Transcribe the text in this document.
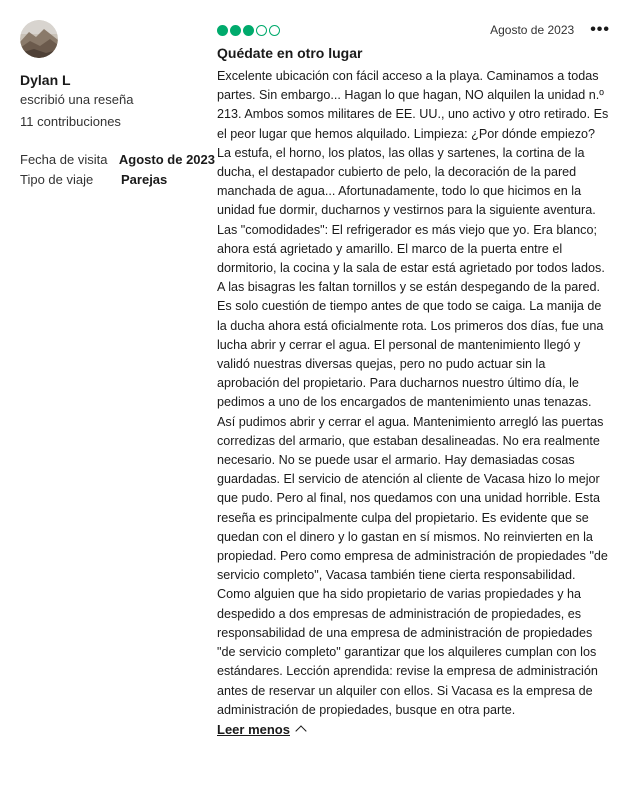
Dylan L
escribió una reseña
11 contribuciones
Fecha de visita Agosto de 2023
Tipo de viaje	Parejas
Agosto de 2023 •••
Quédate en otro lugar
Excelente ubicación con fácil acceso a la playa. Caminamos a todas partes. Sin embargo... Hagan lo que hagan, NO alquilen la unidad n.º 213. Ambos somos militares de EE. UU., uno activo y otro retirado. Es el peor lugar que hemos alquilado. Limpieza: ¿Por dónde empiezo? La estufa, el horno, los platos, las ollas y sartenes, la cortina de la ducha, el destapador cubierto de pelo, la decoración de la pared manchada de agua... Afortunadamente, todo lo que hicimos en la unidad fue dormir, ducharnos y vestirnos para la siguiente aventura. Las "comodidades": El refrigerador es más viejo que yo. Era blanco; ahora está agrietado y amarillo. El marco de la puerta entre el dormitorio, la cocina y la sala de estar está agrietado por todos lados. A las bisagras les faltan tornillos y se están despegando de la pared. Es solo cuestión de tiempo antes de que todo se caiga. La manija de la ducha ahora está oficialmente rota. Los primeros dos días, fue una lucha abrir y cerrar el agua. El personal de mantenimiento llegó y validó nuestras diversas quejas, pero no pudo actuar sin la aprobación del propietario. Para ducharnos nuestro último día, le pedimos a uno de los encargados de mantenimiento unas tenazas. Así pudimos abrir y cerrar el agua. Mantenimiento arregló las puertas corredizas del armario, que estaban desalineadas. No era realmente necesario. No se puede usar el armario. Hay demasiadas cosas guardadas. El servicio de atención al cliente de Vacasa hizo lo mejor que pudo. Pero al final, nos quedamos con una unidad horrible. Esta reseña es principalmente culpa del propietario. Es evidente que se quedan con el dinero y lo gastan en sí mismos. No reinvierten en la propiedad. Pero como empresa de administración de propiedades "de servicio completo", Vacasa también tiene cierta responsabilidad. Como alguien que ha sido propietario de varias propiedades y ha despedido a dos empresas de administración de propiedades, es responsabilidad de una empresa de administración de propiedades "de servicio completo" garantizar que los alquileres cumplan con los estándares. Lección aprendida: revise la empresa de administración antes de reservar un alquiler con ellos. Si Vacasa es la empresa de administración de propiedades, busque en otra parte.
Leer menos
